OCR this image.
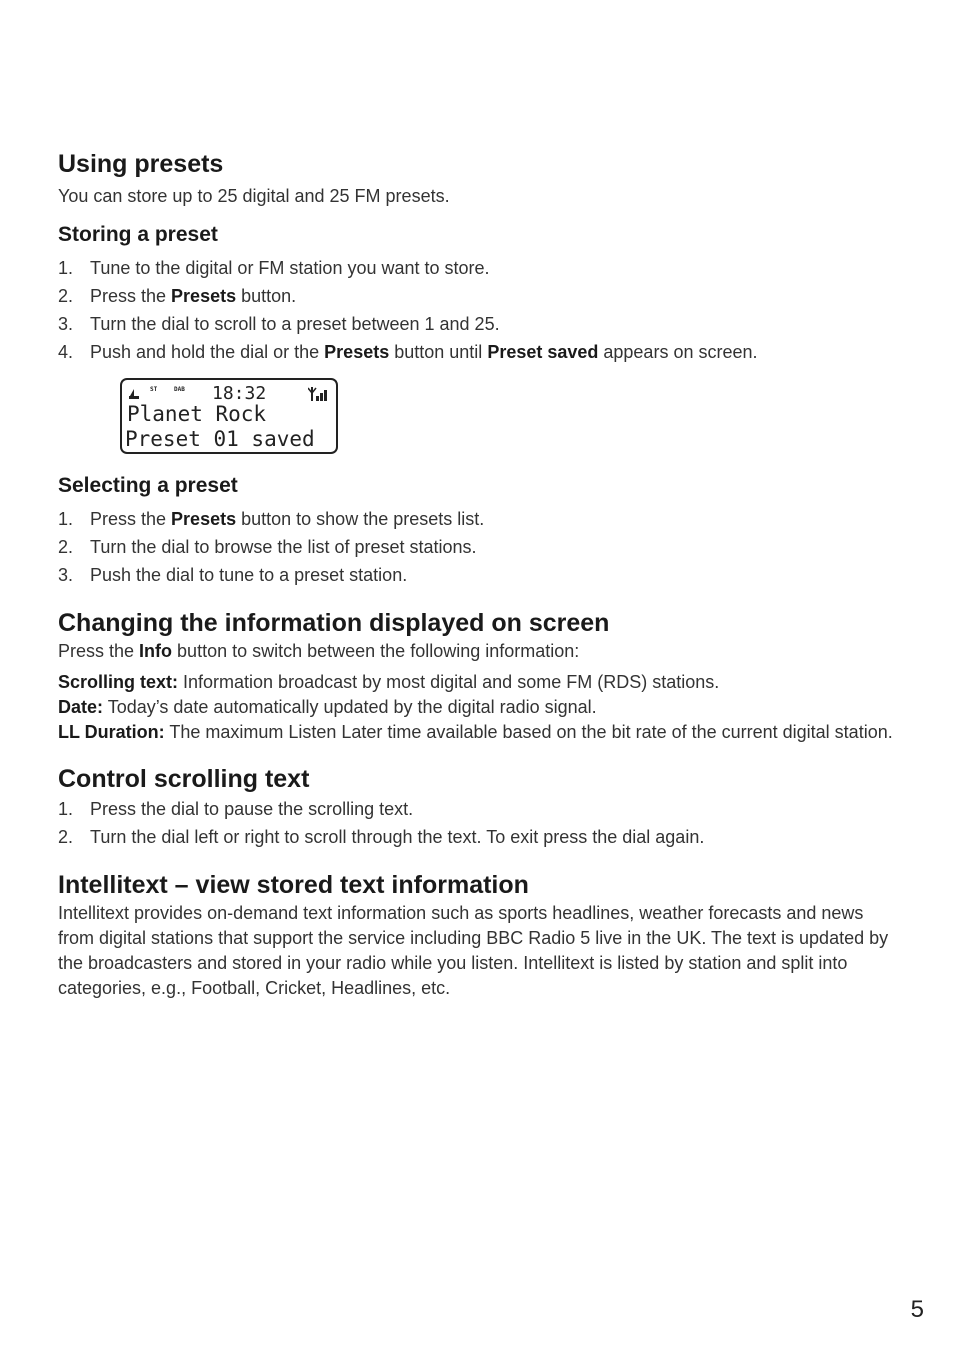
Using presets

You can store up to 25 digital and 25 FM presets.

Storing a preset
1. Tune to the digital or FM station you want to store.
2. Press the Presets button.
3. Turn the dial to scroll to a preset between 1 and 25.
4. Push and hold the dial or the Presets button until Preset saved appears on screen.
ST	DAB 18:32
Planet Rock
Preset 01 saved
Selecting a preset
1. Press the Presets button to show the presets list.
2. Turn the dial to browse the list of preset stations.
3. Push the dial to tune to a preset station.
Changing the information displayed on screen

Press the Info button to switch between the following information:

Scrolling text: Information broadcast by most digital and some FM (RDS) stations.

Date: Today’s date automatically updated by the digital radio signal.

LL Duration: The maximum Listen Later time available based on the bit rate of the current digital station.

Control scrolling text
1. Press the dial to pause the scrolling text.
2. Turn the dial left or right to scroll through the text. To exit press the dial again.
Intellitext – view stored text information

Intellitext provides on-demand text information such as sports headlines, weather forecasts and news from digital stations that support the service including BBC Radio 5 live in the UK. The text is updated by the broadcasters and stored in your radio while you listen. Intellitext is listed by station and split into categories, e.g., Football, Cricket, Headlines, etc.

5
